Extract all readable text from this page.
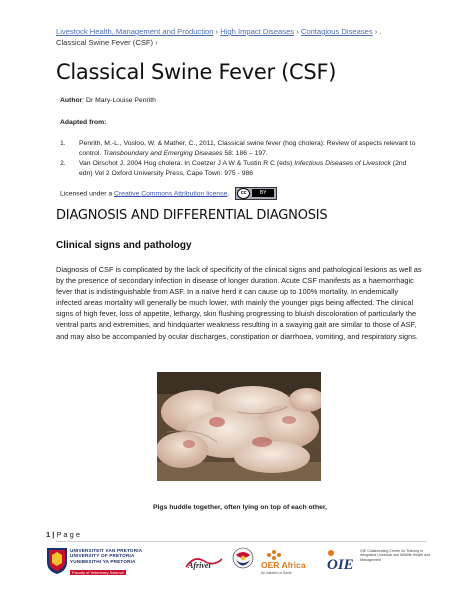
Livestock Health, Management and Production › High Impact Diseases › Contagious Diseases › .
Classical Swine Fever (CSF) ›
Classical Swine Fever (CSF)
Author: Dr Mary-Louise Penrith
Adapted from:
1. Penrith, M.-L., Vosloo, W. & Mather, C., 2011, Classical swine fever (hog cholera): Review of aspects relevant to control. Transboundary and Emerging Diseases 58: 186 – 197.
2. Van Oirschot J. 2004 Hog cholera. In Coetzer J A W & Tustin R C (eds) Infectious Diseases of Livestock (2nd edn) Vol 2 Oxford University Press, Cape Town: 975 - 986
Licensed under a Creative Commons Attribution license.	cc	BY
DIAGNOSIS AND DIFFERENTIAL DIAGNOSIS
Clinical signs and pathology

Diagnosis of CSF is complicated by the lack of specificity of the clinical signs and pathological lesions as well as by the presence of secondary infection in disease of longer duration. Acute CSF manifests as a haemorrhagic fever that is indistinguishable from ASF. In a naïve herd it can cause up to 100% mortality. In endemically infected areas mortality will generally be much lower, with mainly the younger pigs being affected. The clinical signs of high fever, loss of appetite, lethargy, skin flushing progressing to bluish discoloration of particularly the ventral parts and extremities, and hindquarter weakness resulting in a swaying gait are similar to those of ASF, and may also be accompanied by ocular discharges, constipation or diarrhoea, vomiting, and respiratory signs.

Pigs huddle together, often lying on top of each other,
1 | P a g e
UNIVERSITEIT VAN PRETORIA
UNIVERSITY OF PRETORIA
YUNIBESITHI YA PRETORIA
Faculty of Veterinary Science
Afrivet	OER Africa
An initiative of Saide OIE
OIE Collaborating Centre for Training in Integrated Livestock and Wildlife Health and Management
